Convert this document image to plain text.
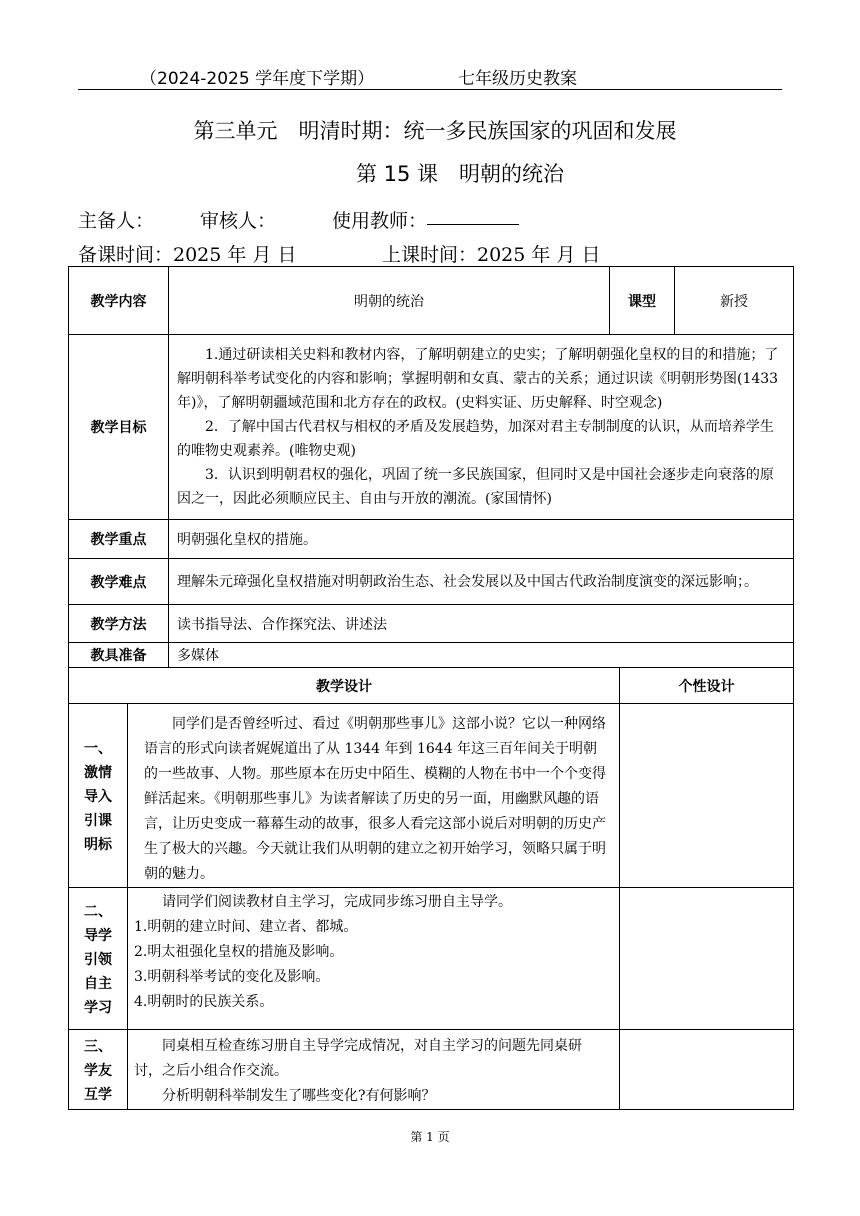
（2024-2025 学年度下学期）	七年级历史教案
第三单元　明清时期：统一多民族国家的巩固和发展
第 15 课　明朝的统治
主备人： 审核人：	使用教师：
备课时间：2025 年 月 日	上课时间：2025 年 月 日
教学内容	明朝的统治	课型	新授
教学目标	1.通过研读相关史料和教材内容，了解明朝建立的史实；了解明朝强化皇权的目的和措施；了解明朝科举考试变化的内容和影响；掌握明朝和女真、蒙古的关系；通过识读《明朝形势图(1433 年)》，了解明朝疆域范围和北方存在的政权。(史料实证、历史解释、时空观念)

2．了解中国古代君权与相权的矛盾及发展趋势，加深对君主专制制度的认识，从而培养学生的唯物史观素养。(唯物史观)

3．认识到明朝君权的强化，巩固了统一多民族国家，但同时又是中国社会逐步走向衰落的原因之一，因此必须顺应民主、自由与开放的潮流。(家国情怀)		

教学重点	明朝强化皇权的措施。		
教学难点	理解朱元璋强化皇权措施对明朝政治生态、社会发展以及中国古代政治制度演变的深远影响；。		
教学方法	读书指导法、合作探究法、讲述法		
教具准备	多媒体		
教学设计		个性设计
一、激情导入引课明标	同学们是否曾经听过、看过《明朝那些事儿》这部小说？它以一种网络语言的形式向读者娓娓道出了从 1344 年到 1644 年这三百年间关于明朝的一些故事、人物。那些原本在历史中陌生、模糊的人物在书中一个个变得鲜活起来。《明朝那些事儿》为读者解读了历史的另一面，用幽默风趣的语言，让历史变成一幕幕生动的故事，很多人看完这部小说后对明朝的历史产生了极大的兴趣。今天就让我们从明朝的建立之初开始学习，领略只属于明朝的魅力。	

二、导学引领自主学习	请同学们阅读教材自主学习，完成同步练习册自主导学。

1.明朝的建立时间、建立者、都城。

2.明太祖强化皇权的措施及影响。

3.明朝科举考试的变化及影响。

4.明朝时的民族关系。	

三、学友互学	同桌相互检查练习册自主导学完成情况，对自主学习的问题先同桌研讨，之后小组合作交流。

分析明朝科举制发生了哪些变化?有何影响？	

第 1 页
